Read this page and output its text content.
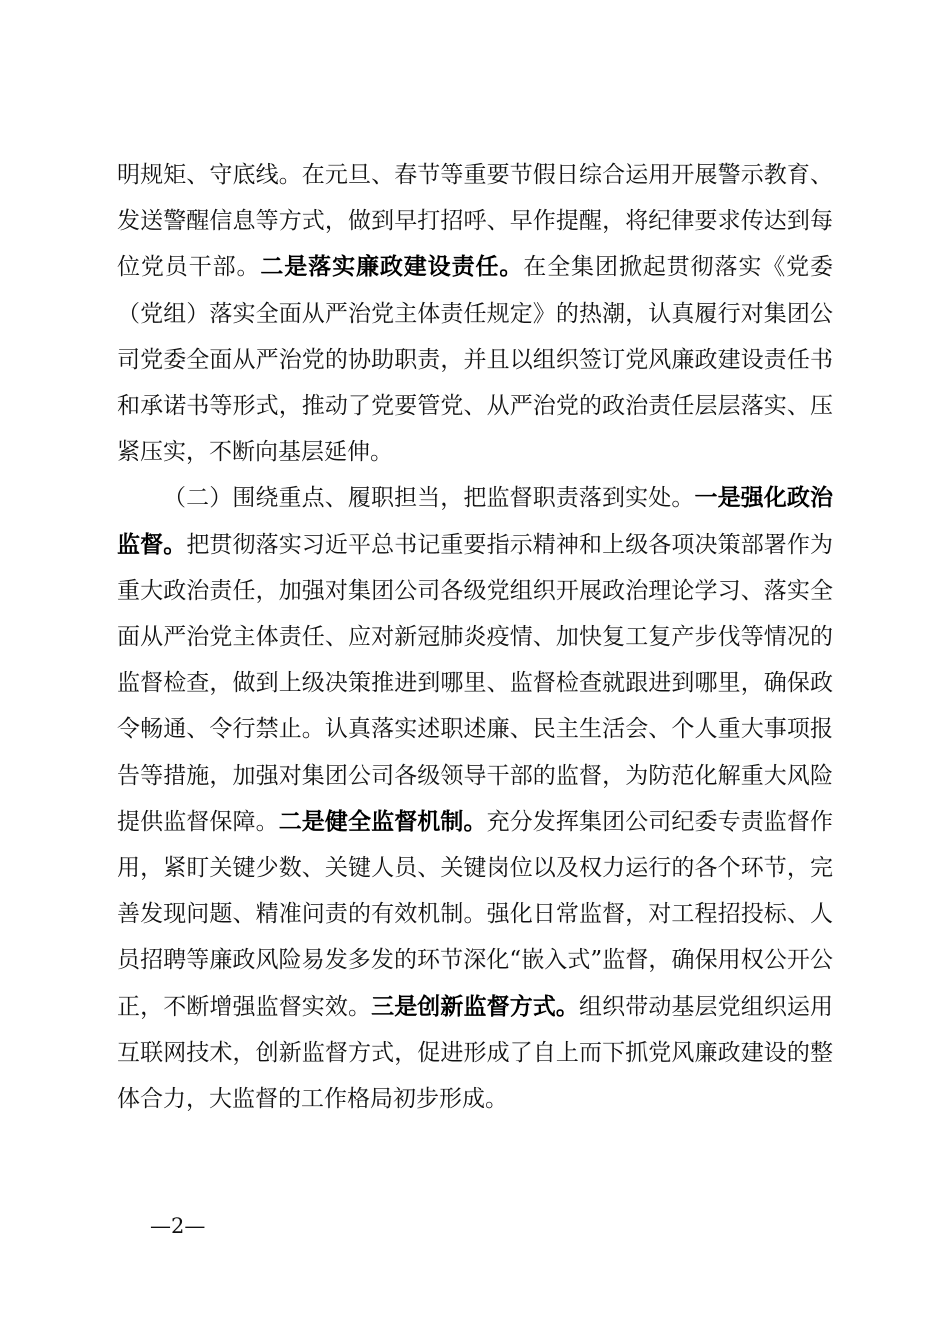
明规矩、守底线。在元旦、春节等重要节假日综合运用开展警示教育、发送警醒信息等方式，做到早打招呼、早作提醒，将纪律要求传达到每位党员干部。二是落实廉政建设责任。在全集团掀起贯彻落实《党委（党组）落实全面从严治党主体责任规定》的热潮，认真履行对集团公司党委全面从严治党的协助职责，并且以组织签订党风廉政建设责任书和承诺书等形式，推动了党要管党、从严治党的政治责任层层落实、压紧压实，不断向基层延伸。

（二）围绕重点、履职担当，把监督职责落到实处。一是强化政治监督。把贯彻落实习近平总书记重要指示精神和上级各项决策部署作为重大政治责任，加强对集团公司各级党组织开展政治理论学习、落实全面从严治党主体责任、应对新冠肺炎疫情、加快复工复产步伐等情况的监督检查，做到上级决策推进到哪里、监督检查就跟进到哪里，确保政令畅通、令行禁止。认真落实述职述廉、民主生活会、个人重大事项报告等措施，加强对集团公司各级领导干部的监督，为防范化解重大风险提供监督保障。二是健全监督机制。充分发挥集团公司纪委专责监督作用，紧盯关键少数、关键人员、关键岗位以及权力运行的各个环节，完善发现问题、精准问责的有效机制。强化日常监督，对工程招投标、人员招聘等廉政风险易发多发的环节深化“嵌入式”监督，确保用权公开公正，不断增强监督实效。三是创新监督方式。组织带动基层党组织运用互联网技术，创新监督方式，促进形成了自上而下抓党风廉政建设的整体合力，大监督的工作格局初步形成。

—2—
